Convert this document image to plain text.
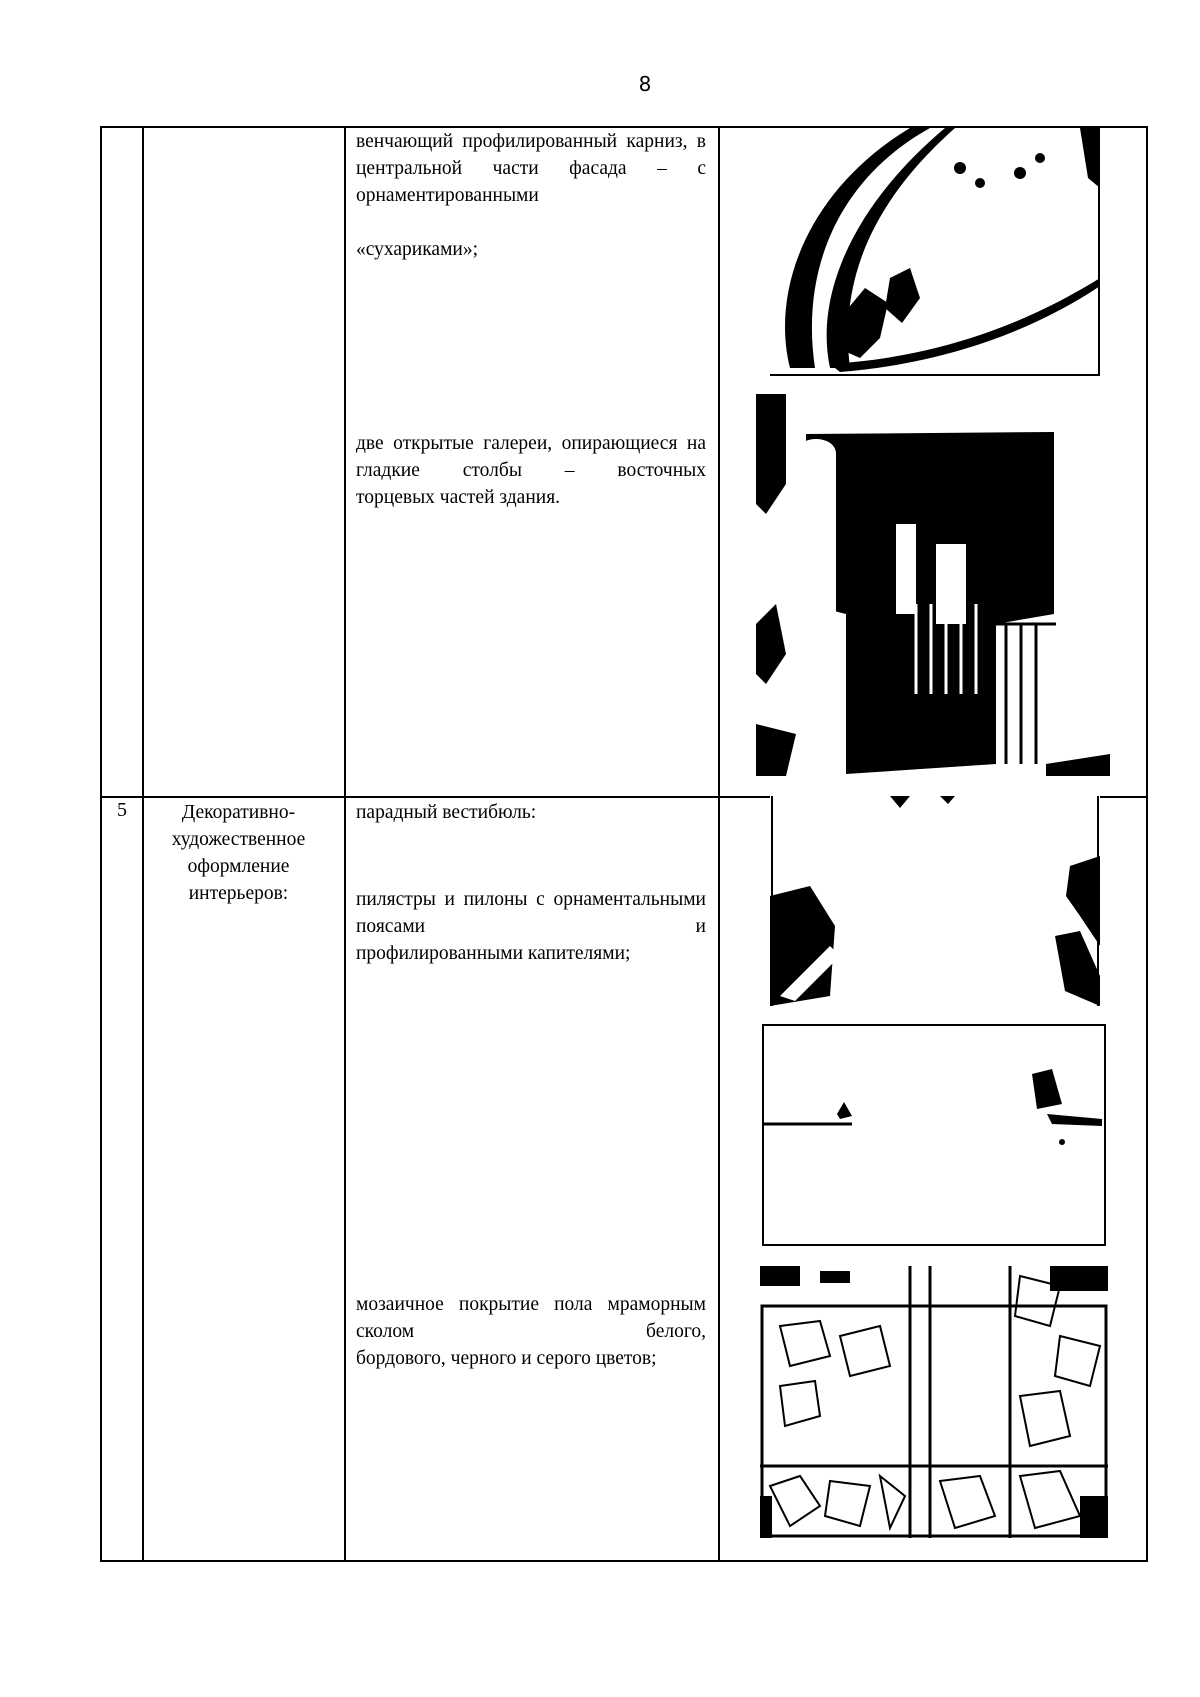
8
венчающий профилированный карниз, в центральной части фасада – с орнаментированными
«сухариками»;
две открытые галереи, опирающиеся на гладкие столбы – восточных
торцевых частей здания.
5	Декоративно-художественное оформление интерьеров:
парадный вестибюль:
пилястры и пилоны с орнаментальными поясами и
профилированными капителями;
мозаичное покрытие пола мраморным сколом белого,
бордового, черного и серого цветов;
